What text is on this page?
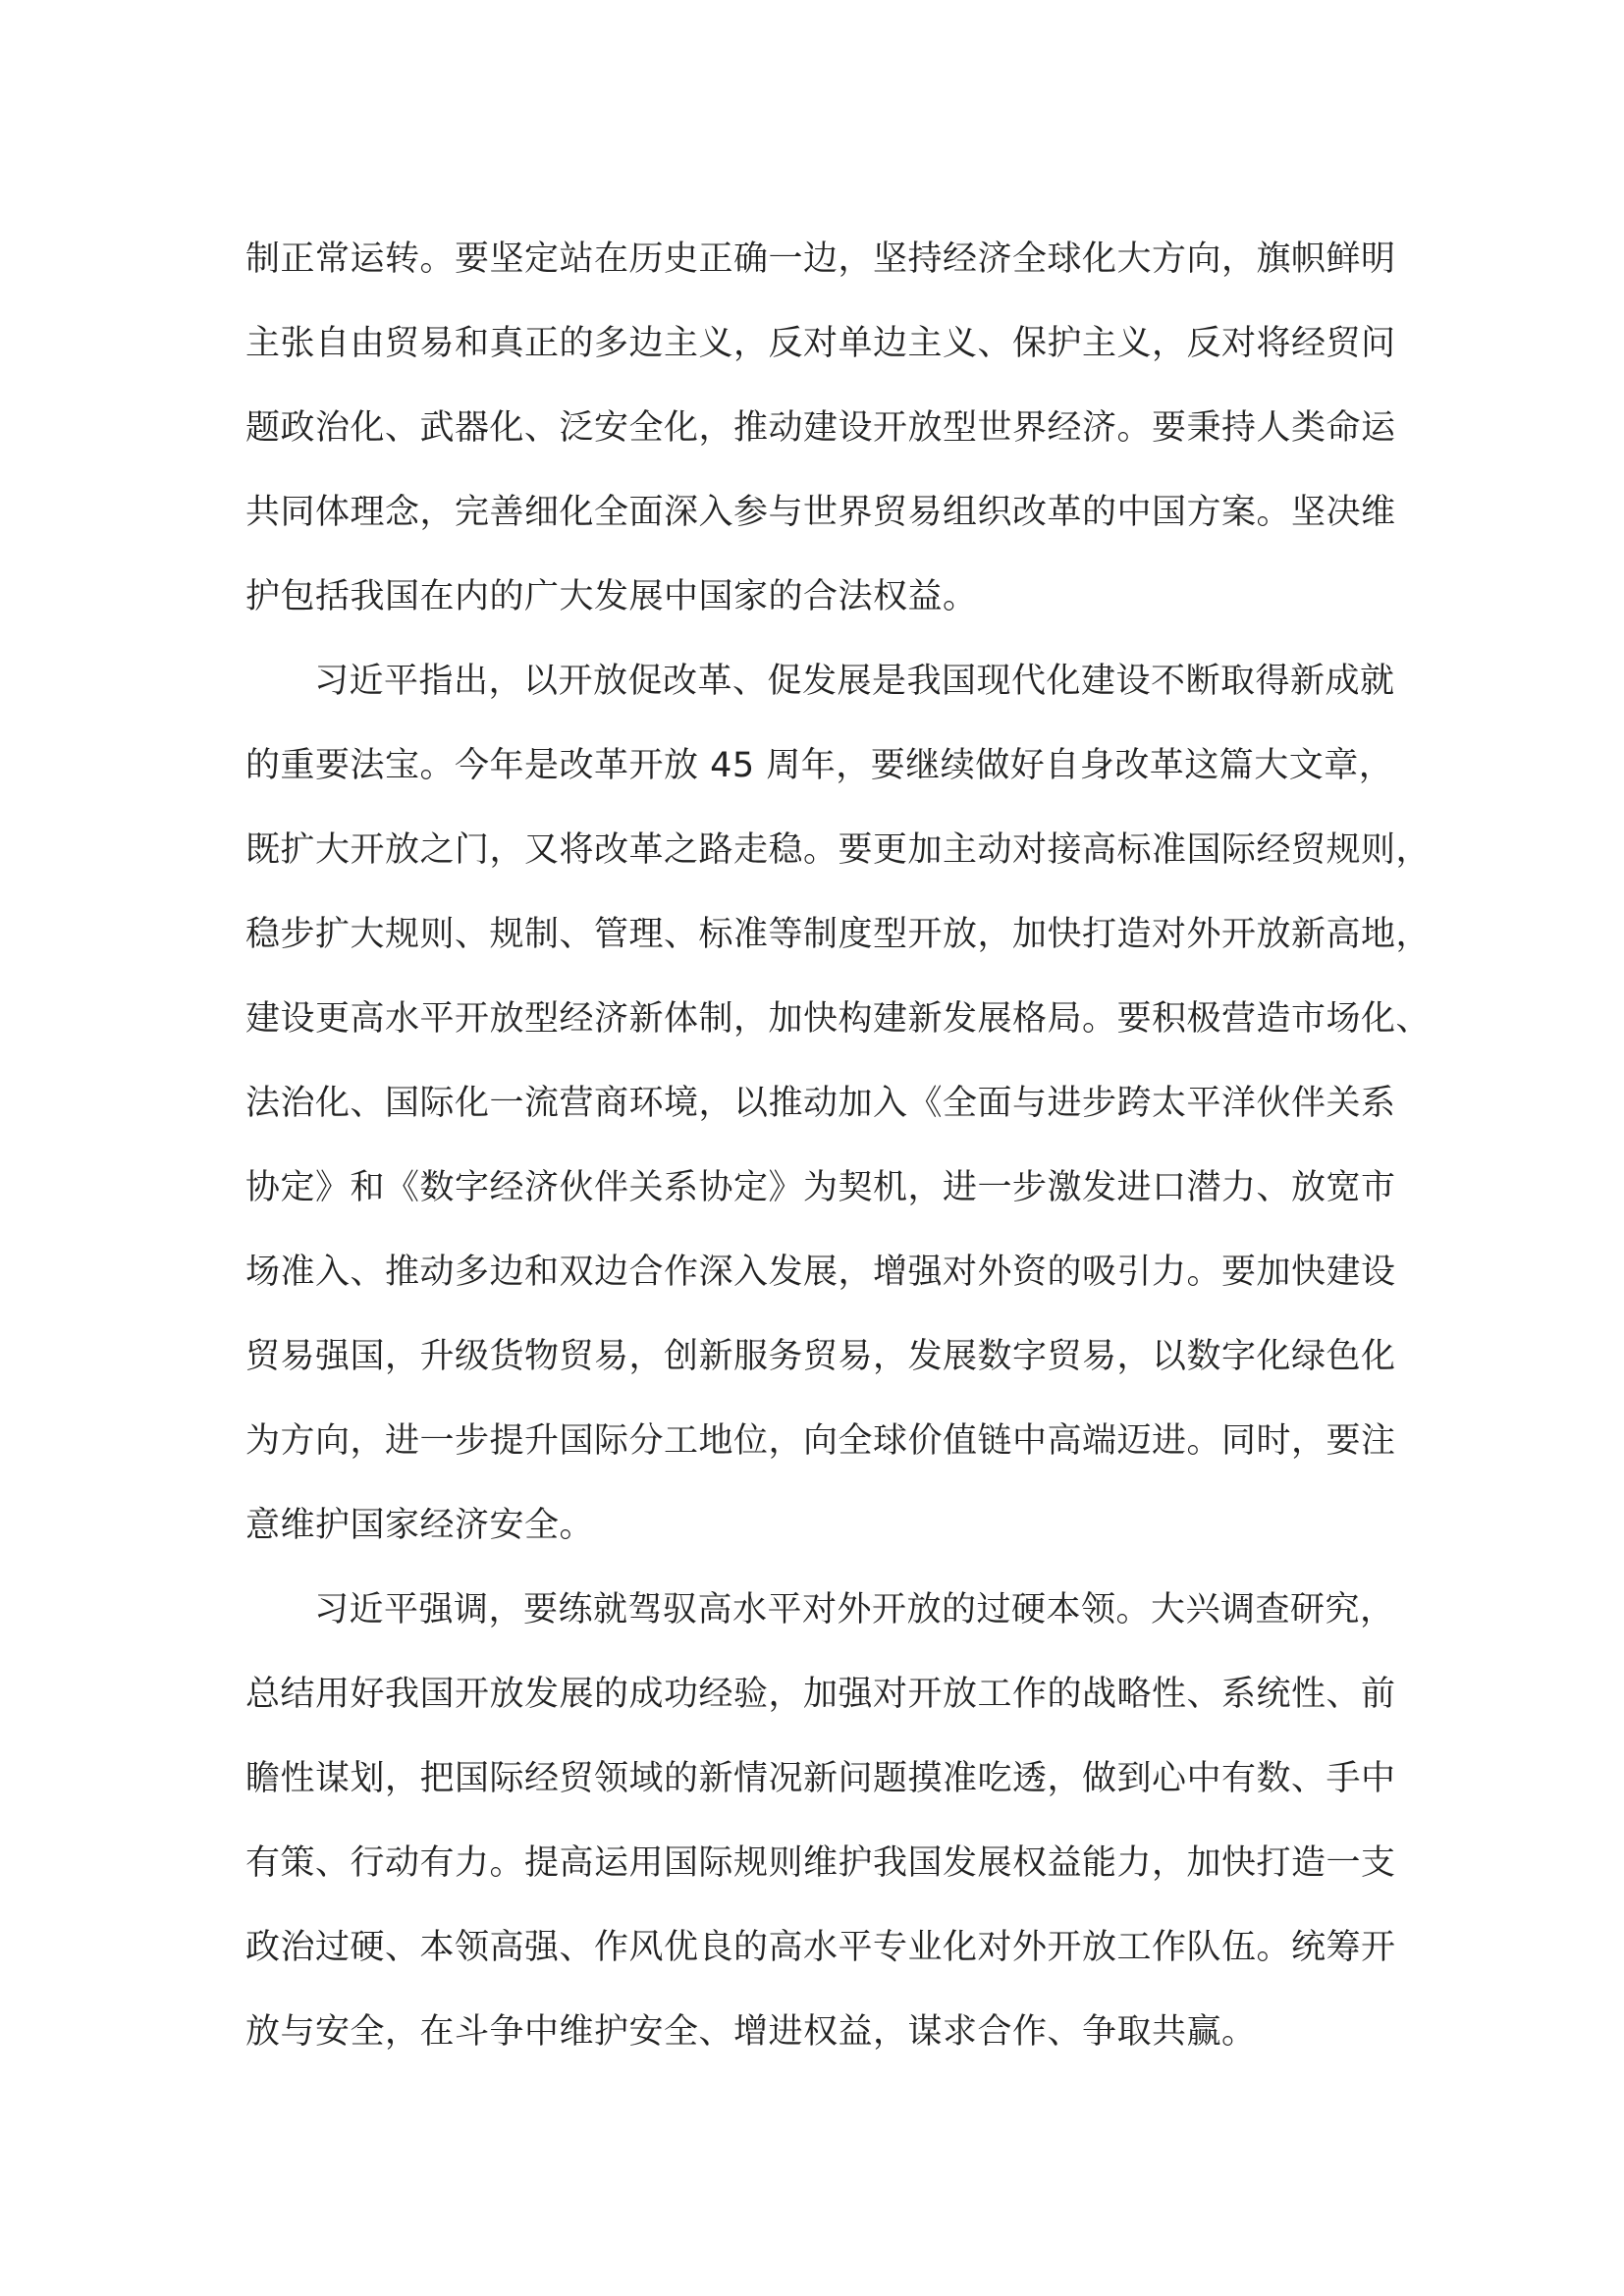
制正常运转。要坚定站在历史正确一边，坚持经济全球化大方向，旗帜鲜明
主张自由贸易和真正的多边主义，反对单边主义、保护主义，反对将经贸问
题政治化、武器化、泛安全化，推动建设开放型世界经济。要秉持人类命运
共同体理念，完善细化全面深入参与世界贸易组织改革的中国方案。坚决维
护包括我国在内的广大发展中国家的合法权益。
习近平指出，以开放促改革、促发展是我国现代化建设不断取得新成就
的重要法宝。今年是改革开放 45 周年，要继续做好自身改革这篇大文章，
既扩大开放之门，又将改革之路走稳。要更加主动对接高标准国际经贸规则，
稳步扩大规则、规制、管理、标准等制度型开放，加快打造对外开放新高地，
建设更高水平开放型经济新体制，加快构建新发展格局。要积极营造市场化、
法治化、国际化一流营商环境，以推动加入《全面与进步跨太平洋伙伴关系
协定》和《数字经济伙伴关系协定》为契机，进一步激发进口潜力、放宽市
场准入、推动多边和双边合作深入发展，增强对外资的吸引力。要加快建设
贸易强国，升级货物贸易，创新服务贸易，发展数字贸易，以数字化绿色化
为方向，进一步提升国际分工地位，向全球价值链中高端迈进。同时，要注
意维护国家经济安全。
习近平强调，要练就驾驭高水平对外开放的过硬本领。大兴调查研究，
总结用好我国开放发展的成功经验，加强对开放工作的战略性、系统性、前
瞻性谋划，把国际经贸领域的新情况新问题摸准吃透，做到心中有数、手中
有策、行动有力。提高运用国际规则维护我国发展权益能力，加快打造一支
政治过硬、本领高强、作风优良的高水平专业化对外开放工作队伍。统筹开
放与安全，在斗争中维护安全、增进权益，谋求合作、争取共赢。
